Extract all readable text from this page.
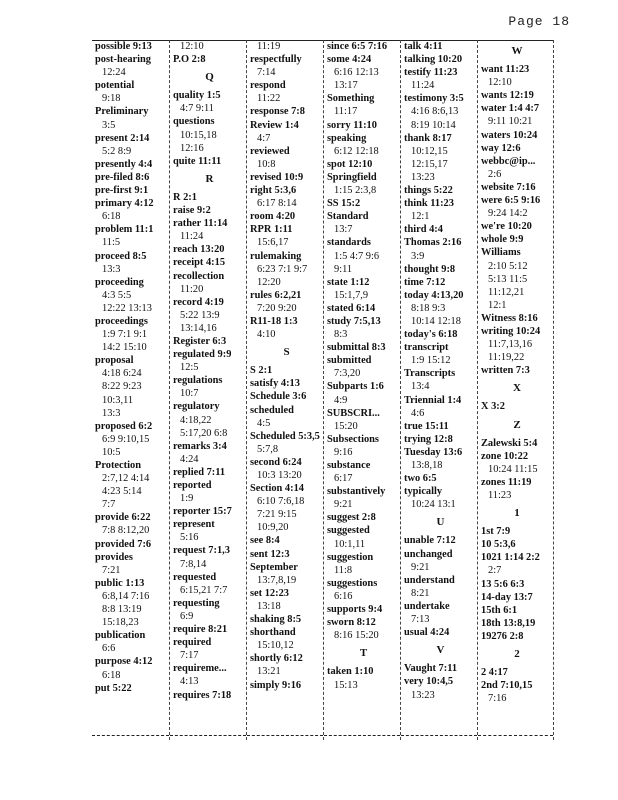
Page 18
possible 9:13
post-hearing
12:24
potential
9:18
Preliminary
3:5
present 2:14
5:2 8:9
presently 4:4
pre-filed 8:6
pre-first 9:1
primary 4:12
6:18
problem 11:1
11:5
proceed 8:5
13:3
proceeding
4:3 5:5
12:22 13:13
proceedings
1:9 7:1 9:1
14:2 15:10
proposal
4:18 6:24
8:22 9:23
10:3,11
13:3
proposed 6:2
6:9 9:10,15
10:5
Protection
2:7,12 4:14
4:23 5:14
7:7
provide 6:22
7:8 8:12,20
provided 7:6
provides
7:21
public 1:13
6:8,14 7:16
8:8 13:19
15:18,23
publication
6:6
purpose 4:12
6:18
put 5:22
12:10
P.O 2:8
Q
quality 1:5
4:7 9:11
questions
10:15,18
12:16
quite 11:11
R
R 2:1
raise 9:2
rather 11:14
11:24
reach 13:20
receipt 4:15
recollection
11:20
record 4:19
5:22 13:9
13:14,16
Register 6:3
regulated 9:9
12:5
regulations
10:7
regulatory
4:18,22
5:17,20 6:8
remarks 3:4
4:24
replied 7:11
reported
1:9
reporter 15:7
represent
5:16
request 7:1,3
7:8,14
requested
6:15,21 7:7
requesting
6:9
require 8:21
required
7:17
requireme...
4:13
requires 7:18
11:19
respectfully
7:14
respond
11:22
response 7:8
Review 1:4
4:7
reviewed
10:8
revised 10:9
right 5:3,6
6:17 8:14
room 4:20
RPR 1:11
15:6,17
rulemaking
6:23 7:1 9:7
12:20
rules 6:2,21
7:20 9:20
R11-18 1:3
4:10
S
S 2:1
satisfy 4:13
Schedule 3:6
scheduled
4:5
Scheduled 5:3,5
5:7,8
second 6:24
10:3 13:20
Section 4:14
6:10 7:6,18
7:21 9:15
10:9,20
see 8:4
sent 12:3
September
13:7,8,19
set 12:23
13:18
shaking 8:5
shorthand
15:10,12
shortly 6:12
13:21
simply 9:16
since 6:5 7:16
some 4:24
6:16 12:13
13:17
Something
11:17
sorry 11:10
speaking
6:12 12:18
spot 12:10
Springfield
1:15 2:3,8
SS 15:2
Standard
13:7
standards
1:5 4:7 9:6
9:11
state 1:12
15:1,7,9
stated 6:14
study 7:5,13
8:3
submittal 8:3
submitted
7:3,20
Subparts 1:6
4:9
SUBSCRI...
15:20
Subsections
9:16
substance
6:17
substantively
9:21
suggest 2:8
suggested
10:1,11
suggestion
11:8
suggestions
6:16
supports 9:4
sworn 8:12
8:16 15:20
T
taken 1:10
15:13
talk 4:11
talking 10:20
testify 11:23
11:24
testimony 3:5
4:16 8:6,13
8:19 10:14
thank 8:17
10:12,15
12:15,17
13:23
things 5:22
think 11:23
12:1
third 4:4
Thomas 2:16
3:9
thought 9:8
time 7:12
today 4:13,20
8:18 9:3
10:14 12:18
today's 6:18
transcript
1:9 15:12
Transcripts
13:4
Triennial 1:4
4:6
true 15:11
trying 12:8
Tuesday 13:6
13:8,18
two 6:5
typically
10:24 13:1
U
unable 7:12
unchanged
9:21
understand
8:21
undertake
7:13
usual 4:24
V
Vaught 7:11
very 10:4,5
13:23
W
want 11:23
12:10
wants 12:19
water 1:4 4:7
9:11 10:21
waters 10:24
way 12:6
webbc@ip...
2:6
website 7:16
were 6:5 9:16
9:24 14:2
we're 10:20
whole 9:9
Williams
2:10 5:12
5:13 11:5
11:12,21
12:1
Witness 8:16
writing 10:24
11:7,13,16
11:19,22
written 7:3
X
X 3:2
Z
Zalewski 5:4
zone 10:22
10:24 11:15
zones 11:19
11:23
1
1st 7:9
10 5:3,6
1021 1:14 2:2
2:7
13 5:6 6:3
14-day 13:7
15th 6:1
18th 13:8,19
19276 2:8
2
2 4:17
2nd 7:10,15
7:16
